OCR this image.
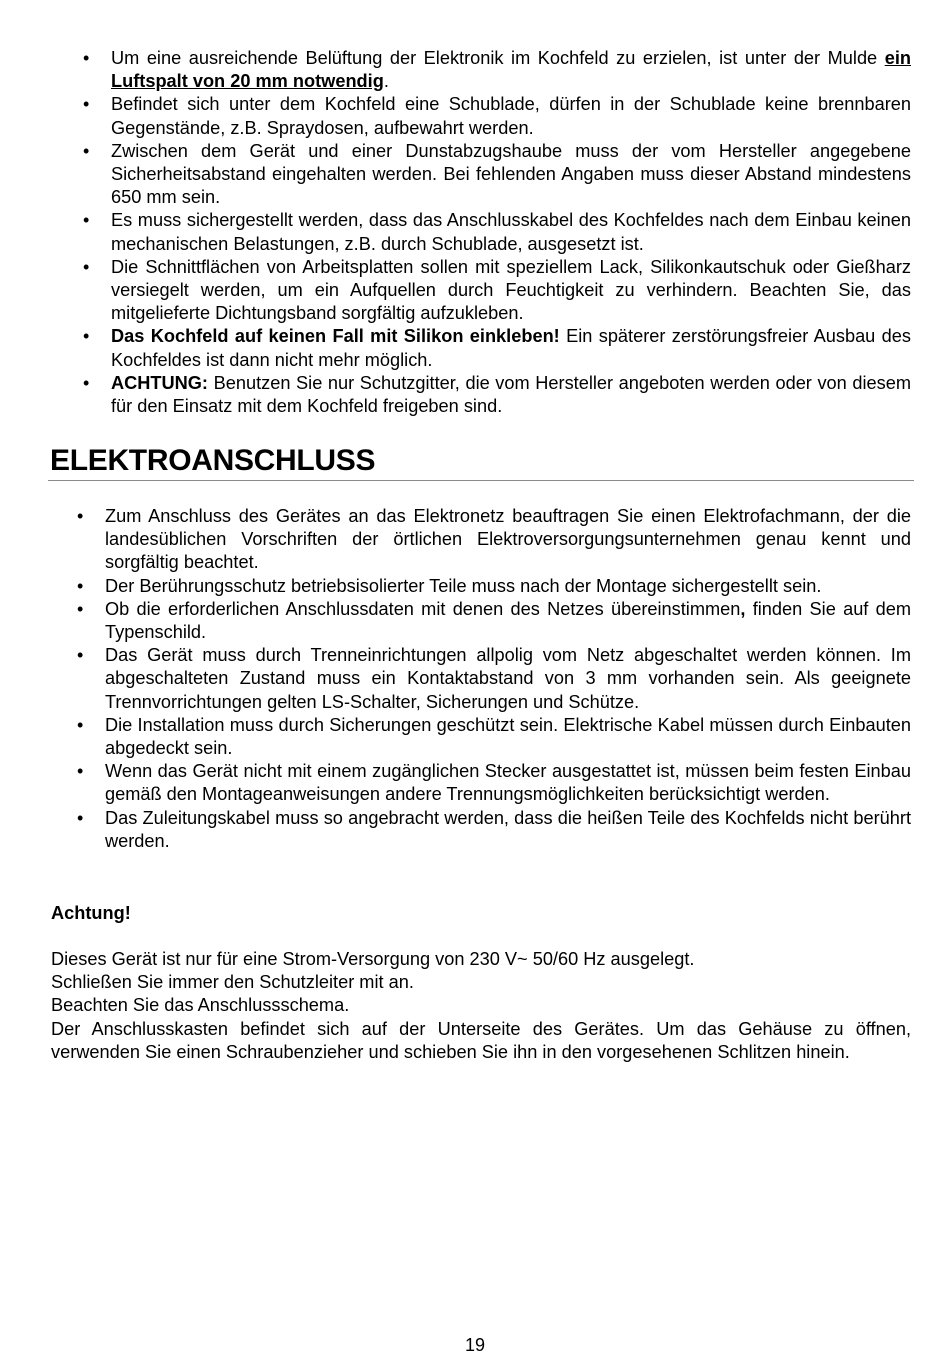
• Um eine ausreichende Belüftung der Elektronik im Kochfeld zu erzielen, ist unter der Mulde ein Luftspalt von 20 mm notwendig.
• Befindet sich unter dem Kochfeld eine Schublade, dürfen in der Schublade keine brennbaren Gegenstände, z.B. Spraydosen, aufbewahrt werden.
• Zwischen dem Gerät und einer Dunstabzugshaube muss der vom Hersteller angegebene Sicherheitsabstand eingehalten werden. Bei fehlenden Angaben muss dieser Abstand mindestens 650 mm sein.
• Es muss sichergestellt werden, dass das Anschlusskabel des Kochfeldes nach dem Einbau keinen mechanischen Belastungen, z.B. durch Schublade, ausgesetzt ist.
• Die Schnittflächen von Arbeitsplatten sollen mit speziellem Lack, Silikonkautschuk oder Gießharz versiegelt werden, um ein Aufquellen durch Feuchtigkeit zu verhindern. Beachten Sie, das mitgelieferte Dichtungsband sorgfältig aufzukleben.
• Das Kochfeld auf keinen Fall mit Silikon einkleben! Ein späterer zerstörungsfreier Ausbau des Kochfeldes ist dann nicht mehr möglich.
• ACHTUNG: Benutzen Sie nur Schutzgitter, die vom Hersteller angeboten werden oder von diesem für den Einsatz mit dem Kochfeld freigeben sind.
ELEKTROANSCHLUSS
• Zum Anschluss des Gerätes an das Elektronetz beauftragen Sie einen Elektrofachmann, der die landesüblichen Vorschriften der örtlichen Elektroversorgungsunternehmen genau kennt und sorgfältig beachtet.
• Der Berührungsschutz betriebsisolierter Teile muss nach der Montage sichergestellt sein.
• Ob die erforderlichen Anschlussdaten mit denen des Netzes übereinstimmen, finden Sie auf dem Typenschild.
• Das Gerät muss durch Trenneinrichtungen allpolig vom Netz abgeschaltet werden können. Im abgeschalteten Zustand muss ein Kontaktabstand von 3 mm vorhanden sein. Als geeignete Trennvorrichtungen gelten LS-Schalter, Sicherungen und Schütze.
• Die Installation muss durch Sicherungen geschützt sein. Elektrische Kabel müssen durch Einbauten abgedeckt sein.
• Wenn das Gerät nicht mit einem zugänglichen Stecker ausgestattet ist, müssen beim festen Einbau gemäß den Montageanweisungen andere Trennungsmöglichkeiten berücksichtigt werden.
• Das Zuleitungskabel muss so angebracht werden, dass die heißen Teile des Kochfelds nicht berührt werden.
Achtung!

Dieses Gerät ist nur für eine Strom-Versorgung von 230 V~ 50/60 Hz ausgelegt.

Schließen Sie immer den Schutzleiter mit an.

Beachten Sie das Anschlussschema.

Der Anschlusskasten befindet sich auf der Unterseite des Gerätes. Um das Gehäuse zu öffnen, verwenden Sie einen Schraubenzieher und schieben Sie ihn in den vorgesehenen Schlitzen hinein.

19
